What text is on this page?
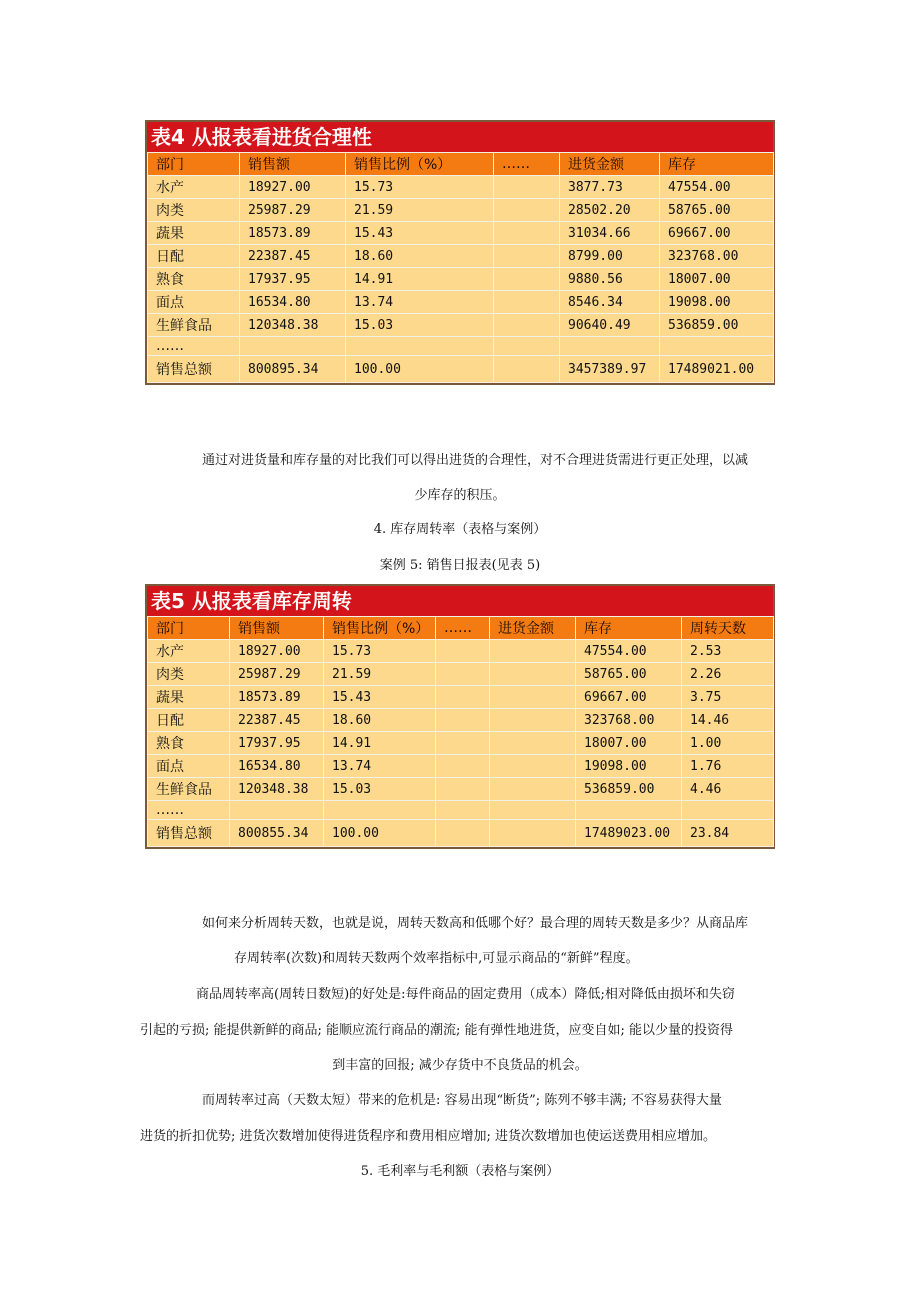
表4 从报表看进货合理性
部门	销售额	销售比例（%）	……	进货金额	库存
水产	18927.00	15.73		3877.73	47554.00
肉类	25987.29	21.59		28502.20	58765.00
蔬果	18573.89	15.43		31034.66	69667.00
日配	22387.45	18.60		8799.00	323768.00
熟食	17937.95	14.91		9880.56	18007.00
面点	16534.80	13.74		8546.34	19098.00
生鲜食品	120348.38	15.03		90640.49	536859.00
……					
销售总额	800895.34	100.00		3457389.97	17489021.00
通过对进货量和库存量的对比我们可以得出进货的合理性，对不合理进货需进行更正处理，以减
少库存的积压。
4. 库存周转率（表格与案例）
案例 5: 销售日报表(见表 5)
表5 从报表看库存周转
部门	销售额	销售比例（%）	……	进货金额	库存	周转天数
水产	18927.00	15.73			47554.00	2.53
肉类	25987.29	21.59			58765.00	2.26
蔬果	18573.89	15.43			69667.00	3.75
日配	22387.45	18.60			323768.00	14.46
熟食	17937.95	14.91			18007.00	1.00
面点	16534.80	13.74			19098.00	1.76
生鲜食品	120348.38	15.03			536859.00	4.46
……						
销售总额	800855.34	100.00			17489023.00	23.84
如何来分析周转天数，也就是说，周转天数高和低哪个好？最合理的周转天数是多少？从商品库
存周转率(次数)和周转天数两个效率指标中,可显示商品的“新鲜”程度。
商品周转率高(周转日数短)的好处是:每件商品的固定费用（成本）降低;相对降低由损坏和失窃
引起的亏损; 能提供新鲜的商品; 能顺应流行商品的潮流; 能有弹性地进货，应变自如; 能以少量的投资得
到丰富的回报; 减少存货中不良货品的机会。
而周转率过高（天数太短）带来的危机是: 容易出现“断货”; 陈列不够丰满; 不容易获得大量
进货的折扣优势; 进货次数增加使得进货程序和费用相应增加; 进货次数增加也使运送费用相应增加。
5. 毛利率与毛利额（表格与案例）
